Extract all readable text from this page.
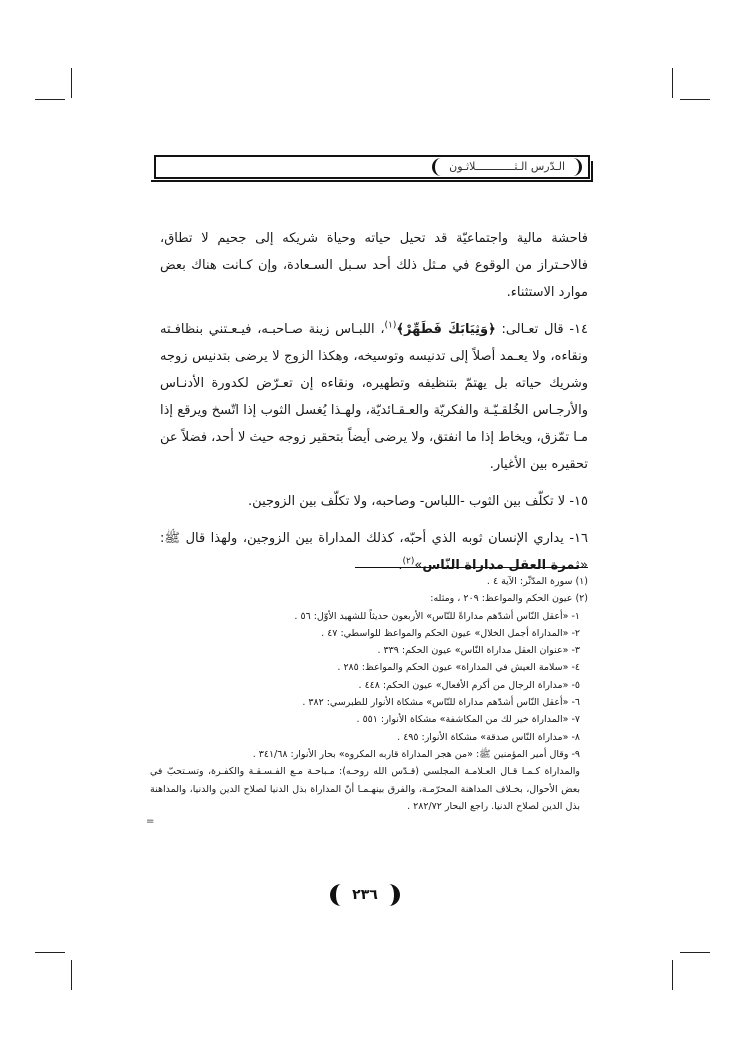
الـدّرس الـثــــــــــــلاثـون

فاحشة مالية واجتماعيّة قد تحيل حياته وحياة شريكه إلى جحيم لا تطاق، فالاحـتراز من الوقوع في مـثل ذلك أحد سـبل السـعادة، وإن كـانت هناك بعض موارد الاستثناء.

١٤- قال تعـالى: ﴿وَثِيَابَكَ فَطَهِّرْ﴾$^{(١)}$، اللبـاس زينة صـاحبـه، فيـعـتني بنظافـته ونقاءه، ولا يعـمد أصلاً إلى تدنيسه وتوسيخه، وهكذا الزوج لا يرضى بتدنيس زوجه وشريك حياته بل يهتمّ بتنظيفه وتطهيره، ونقاءه إن تعـرّض لكدورة الأدنـاس والأرجـاس الخُلقـيّـة والفكريّة والعـقـائديّة، ولهـذا يُغسل الثوب إذا اتّسخ ويرقع إذا مـا تمّزق، ويخاط إذا ما انفتق، ولا يرضى أيضاً بتحقير زوجه حيث لا أحد، فضلاً عن تحقيره بين الأغيار.

١٥- لا تكلّف بين الثوب -اللباس- وصاحبه، ولا تكلّف بين الزوجين.

١٦- يداري الإنسان ثوبه الذي أحبّه، كذلك المداراة بين الزوجين، ولهذا قال ﷺ: «ثمرة العقل مداراة النّاس»$^{(٢)}$.

(١) سورة المدّثّر: الآية ٤ .
(٢) عيون الحكم والمواعظ: ٢٠٩ ، ومثله:
١- «أعقل النّاس أشدّهم مداراةً للنّاس» الأربعون حديثاً للشهيد الأوّل: ٥٦ .
٢- «المداراة أجمل الخلال» عيون الحكم والمواعظ للواسطي: ٤٧ .
٣- «عنوان العقل مداراة النّاس» عيون الحكم: ٣٣٩ .
٤- «سلامة العيش في المداراة» عيون الحكم والمواعظ: ٢٨٥ .
٥- «مداراة الرجال من أكرم الأفعال» عيون الحكم: ٤٤٨ .
٦- «أعقل النّاس أشدّهم مداراة للنّاس» مشكاة الأنوار للطبرسي: ٣٨٢ .
٧- «المداراة خير لك من المكاشفة» مشكاة الأنوار: ٥٥١ .
٨- «مداراة النّاس صدقة» مشكاة الأنوار: ٤٩٥ .
٩- وقال أمير المؤمنين ﷺ: «من هجر المداراة قاربه المكروه» بحار الأنوار: ٣٤١/٦٨ .
والمداراة كـمـا قـال العـلامـة المجلسي (قـدّس الله روحـه): مـباحـة مـع الفـسـقـة والكفـرة، وتسـتحبّ في بعض الأحوال، بخـلاف المداهنة المحرّمـة، والفرق بينهـمـا أنّ المداراة بذل الدنيا لصلاح الدين والدنيا، والمداهنة بذل الدين لصلاح الدنيا. راجع البحار ٢٨٢/٧٢ .
=
٢٣٦
